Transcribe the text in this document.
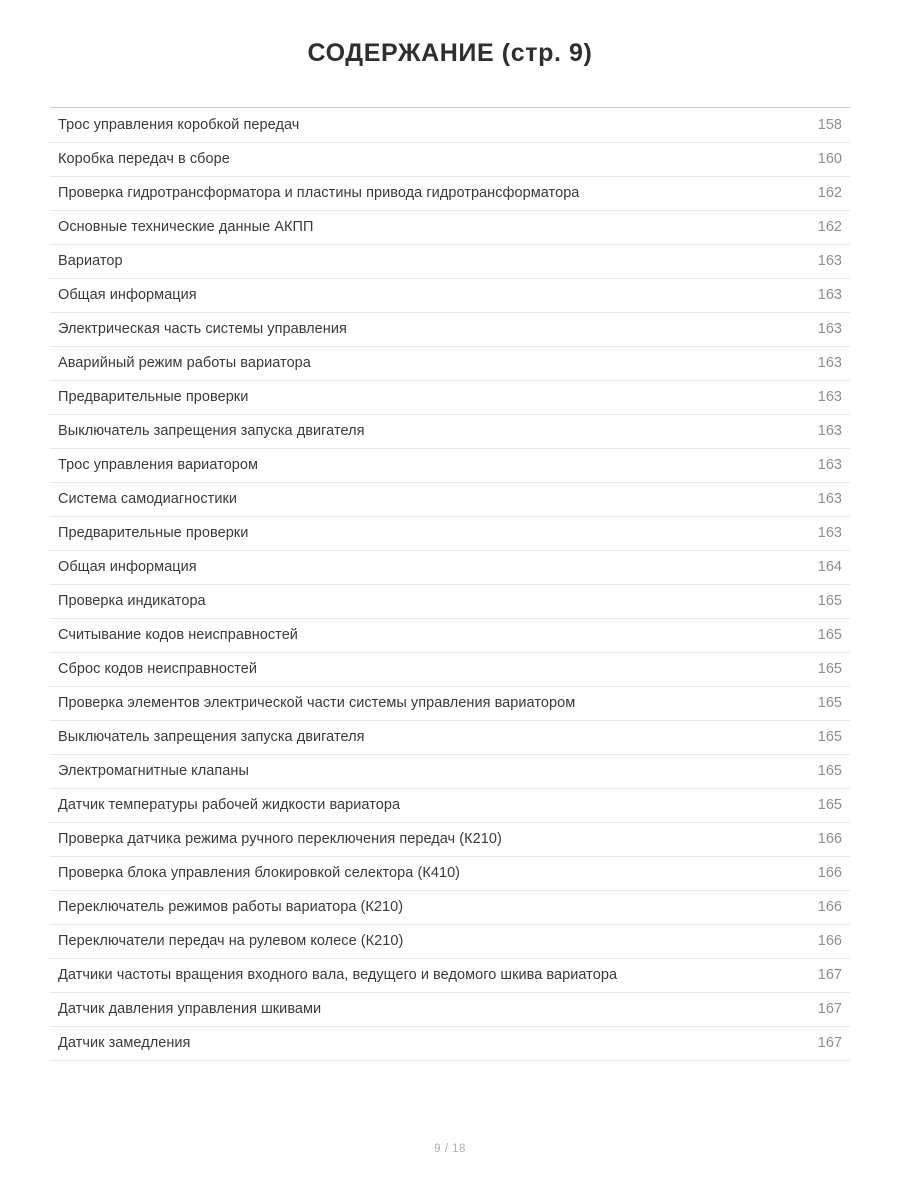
СОДЕРЖАНИЕ (стр. 9)
Трос управления коробкой передач	158
Коробка передач в сборе	160
Проверка гидротрансформатора и пластины привода гидротрансформатора	162
Основные технические данные АКПП	162
Вариатор	163
Общая информация	163
Электрическая часть системы управления	163
Аварийный режим работы вариатора	163
Предварительные проверки	163
Выключатель запрещения запуска двигателя	163
Трос управления вариатором	163
Система самодиагностики	163
Предварительные проверки	163
Общая информация	164
Проверка индикатора	165
Считывание кодов неисправностей	165
Сброс кодов неисправностей	165
Проверка элементов электрической части системы управления вариатором	165
Выключатель запрещения запуска двигателя	165
Электромагнитные клапаны	165
Датчик температуры рабочей жидкости вариатора	165
Проверка датчика режима ручного переключения передач (К210)	166
Проверка блока управления блокировкой селектора (К410)	166
Переключатель режимов работы вариатора (К210)	166
Переключатели передач на рулевом колесе (К210)	166
Датчики частоты вращения входного вала, ведущего и ведомого шкива вариатора	167
Датчик давления управления шкивами	167
Датчик замедления	167
9 / 18
